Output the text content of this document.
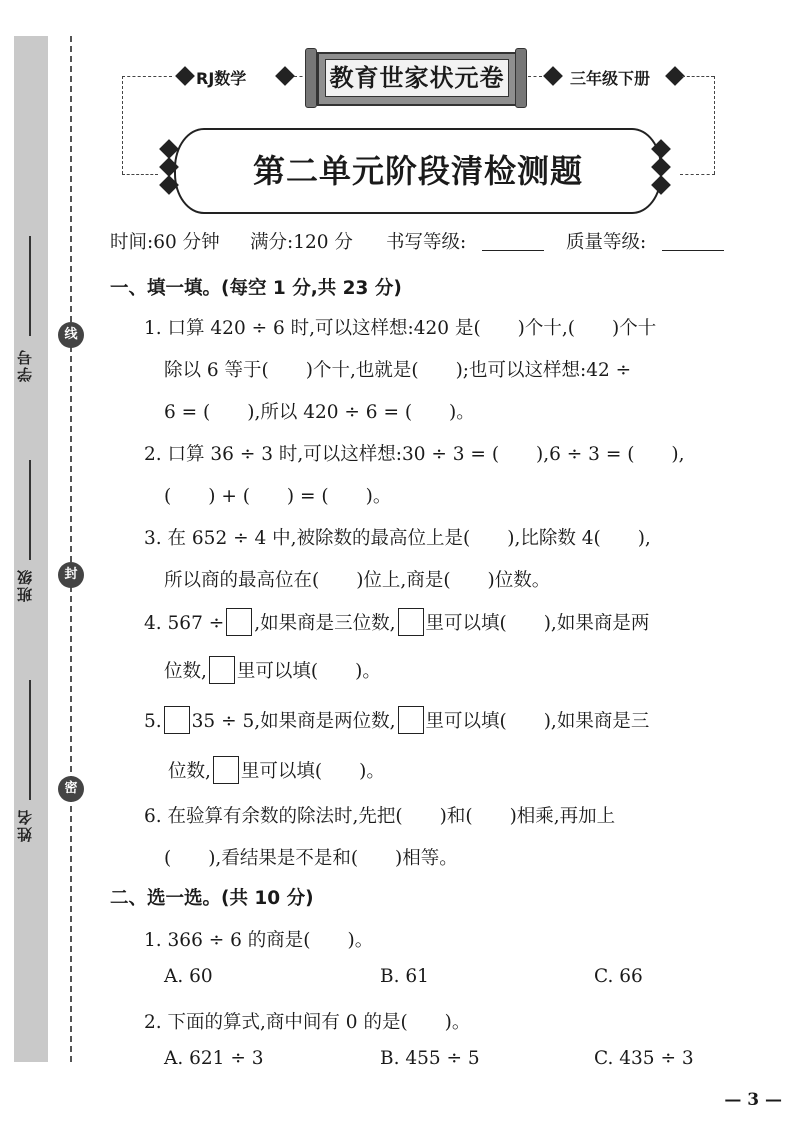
学号
班级
姓名
线
封
密
RJ数学	教育世家状元卷	三年级下册
第二单元阶段清检测题
时间:60 分钟 满分:120 分 书写等级:	质量等级:
一、填一填。(每空 1 分,共 23 分)
1. 口算 420 ÷ 6 时,可以这样想:420 是(　　)个十,(　　)个十
除以 6 等于(　　)个十,也就是(　　);也可以这样想:42 ÷
6 = (　　),所以 420 ÷ 6 = (　　)。
2. 口算 36 ÷ 3 时,可以这样想:30 ÷ 3 = (　　),6 ÷ 3 = (　　),
(　　) + (　　) = (　　)。
3. 在 652 ÷ 4 中,被除数的最高位上是(　　),比除数 4(　　),
所以商的最高位在(　　)位上,商是(　　)位数。
4. 567 ÷ ,如果商是三位数, 里可以填(　　),如果商是两
位数, 里可以填(　　)。
5. 35 ÷ 5,如果商是两位数, 里可以填(　　),如果商是三
位数, 里可以填(　　)。
6. 在验算有余数的除法时,先把(　　)和(　　)相乘,再加上
(　　),看结果是不是和(　　)相等。
二、选一选。(共 10 分)
1. 366 ÷ 6 的商是(　　)。
A. 60	B. 61	C. 66
2. 下面的算式,商中间有 0 的是(　　)。
A. 621 ÷ 3	B. 455 ÷ 5	C. 435 ÷ 3
— 3 —
